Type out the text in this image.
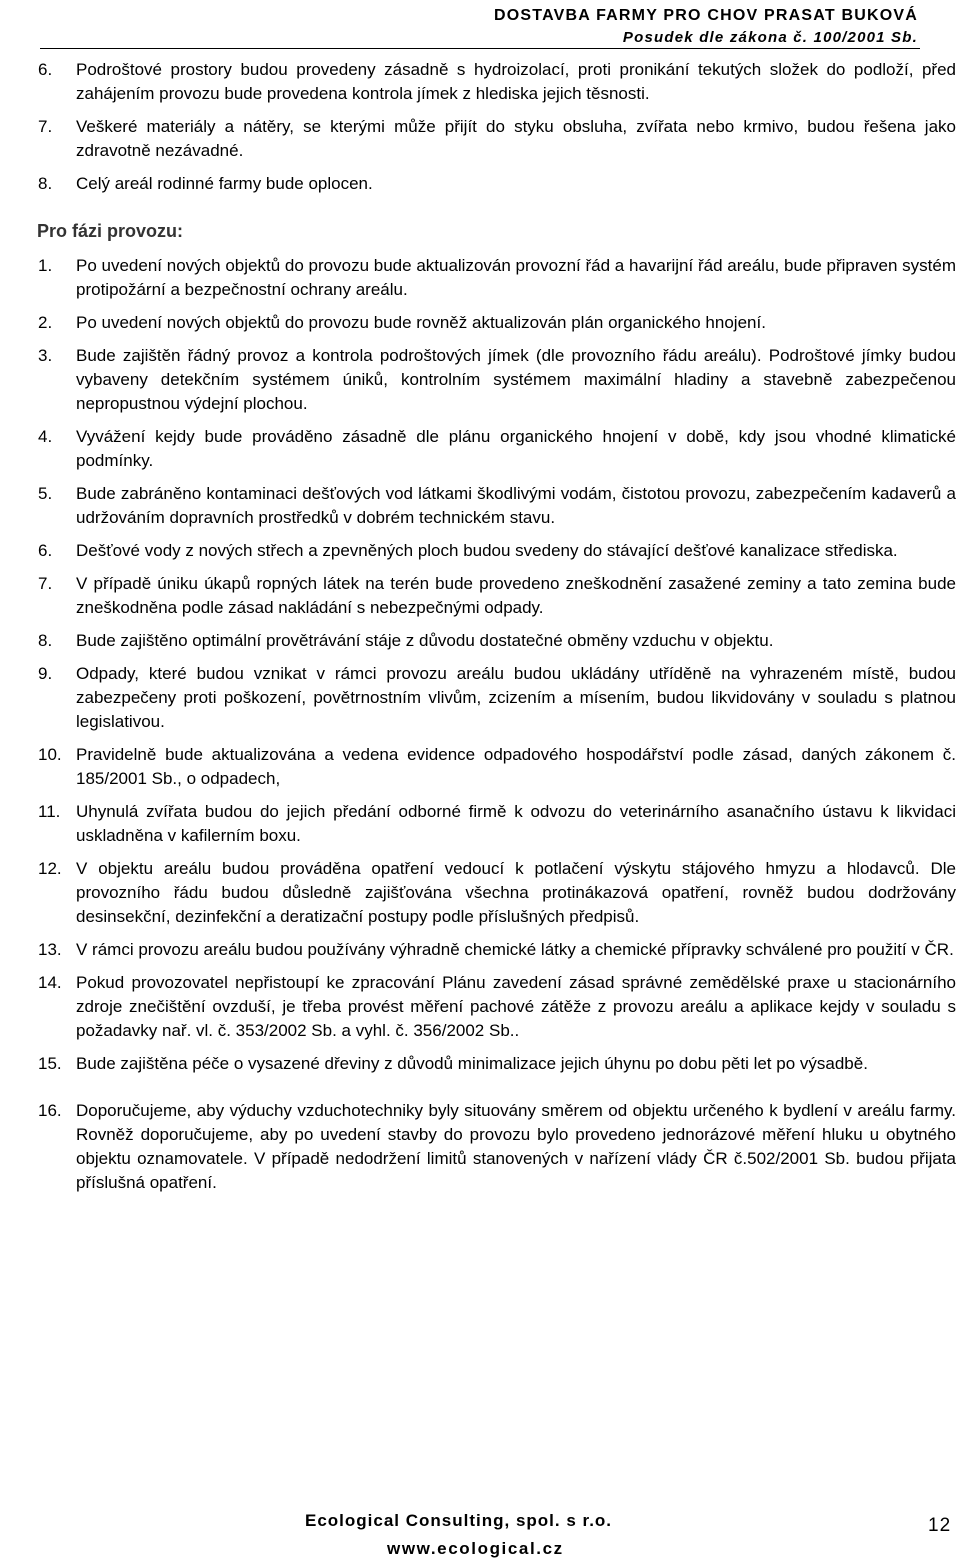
DOSTAVBA FARMY PRO CHOV PRASAT BUKOVÁ
Posudek dle zákona č. 100/2001 Sb.
6.	Podroštové prostory budou provedeny zásadně s hydroizolací, proti pronikání tekutých složek do podloží, před zahájením provozu bude provedena kontrola jímek z hlediska jejich těsnosti.
7.	Veškeré materiály a nátěry, se kterými může přijít do styku obsluha, zvířata nebo krmivo, budou řešena jako zdravotně nezávadné.
8.	Celý areál rodinné farmy bude oplocen.
Pro fázi provozu:
1.	Po uvedení nových objektů do provozu bude aktualizován provozní řád a havarijní řád areálu, bude připraven systém protipožární a bezpečnostní ochrany areálu.
2.	Po uvedení nových objektů do provozu bude rovněž aktualizován plán organického hnojení.
3.	Bude zajištěn řádný provoz a kontrola podroštových jímek (dle provozního řádu areálu). Podroštové jímky budou vybaveny detekčním systémem úniků, kontrolním systémem maximální hladiny a stavebně zabezpečenou nepropustnou výdejní plochou.
4.	Vyvážení kejdy bude prováděno zásadně dle plánu organického hnojení v době, kdy jsou vhodné klimatické podmínky.
5.	Bude zabráněno kontaminaci dešťových vod látkami škodlivými vodám, čistotou provozu, zabezpečením kadaverů a udržováním dopravních prostředků v dobrém technickém stavu.
6.	Dešťové vody z nových střech a zpevněných ploch budou svedeny do stávající dešťové kanalizace střediska.
7.	V případě úniku úkapů ropných látek na terén bude provedeno zneškodnění zasažené zeminy a tato zemina bude zneškodněna podle zásad nakládání s nebezpečnými odpady.
8.	Bude zajištěno optimální provětrávání stáje z důvodu dostatečné obměny vzduchu v objektu.
9.	Odpady, které budou vznikat v rámci provozu areálu budou ukládány utříděně na vyhrazeném místě, budou zabezpečeny proti poškození, povětrnostním vlivům, zcizením a mísením, budou likvidovány v souladu s platnou legislativou.
10. Pravidelně bude aktualizována a vedena evidence odpadového hospodářství podle zásad, daných zákonem č. 185/2001 Sb., o odpadech,
11. Uhynulá zvířata budou do jejich předání odborné firmě k odvozu do veterinárního asanačního ústavu k likvidaci uskladněna v kafilerním boxu.
12. V objektu areálu budou prováděna opatření vedoucí k potlačení výskytu stájového hmyzu a hlodavců. Dle provozního řádu budou důsledně zajišťována všechna protinákazová opatření, rovněž budou dodržovány desinsekční, dezinfekční a deratizační postupy podle příslušných předpisů.
13. V rámci provozu areálu budou používány výhradně chemické látky a chemické přípravky schválené pro použití v ČR.
14. Pokud provozovatel nepřistoupí ke zpracování Plánu zavedení zásad správné zemědělské praxe u stacionárního zdroje znečištění ovzduší, je třeba provést měření pachové zátěže z provozu areálu a aplikace kejdy v souladu s požadavky nař. vl. č. 353/2002 Sb. a vyhl. č. 356/2002 Sb..
15. Bude zajištěna péče o vysazené dřeviny z důvodů minimalizace jejich úhynu po dobu pěti let po výsadbě.
16. Doporučujeme, aby výduchy vzduchotechniky byly situovány směrem od objektu určeného k bydlení v areálu farmy. Rovněž doporučujeme, aby po uvedení stavby do provozu bylo provedeno jednorázové měření hluku u obytného objektu oznamovatele. V případě nedodržení limitů stanovených v nařízení vlády ČR č.502/2001 Sb. budou přijata příslušná opatření.
Ecological Consulting, spol. s r.o.
www.ecological.cz
12
